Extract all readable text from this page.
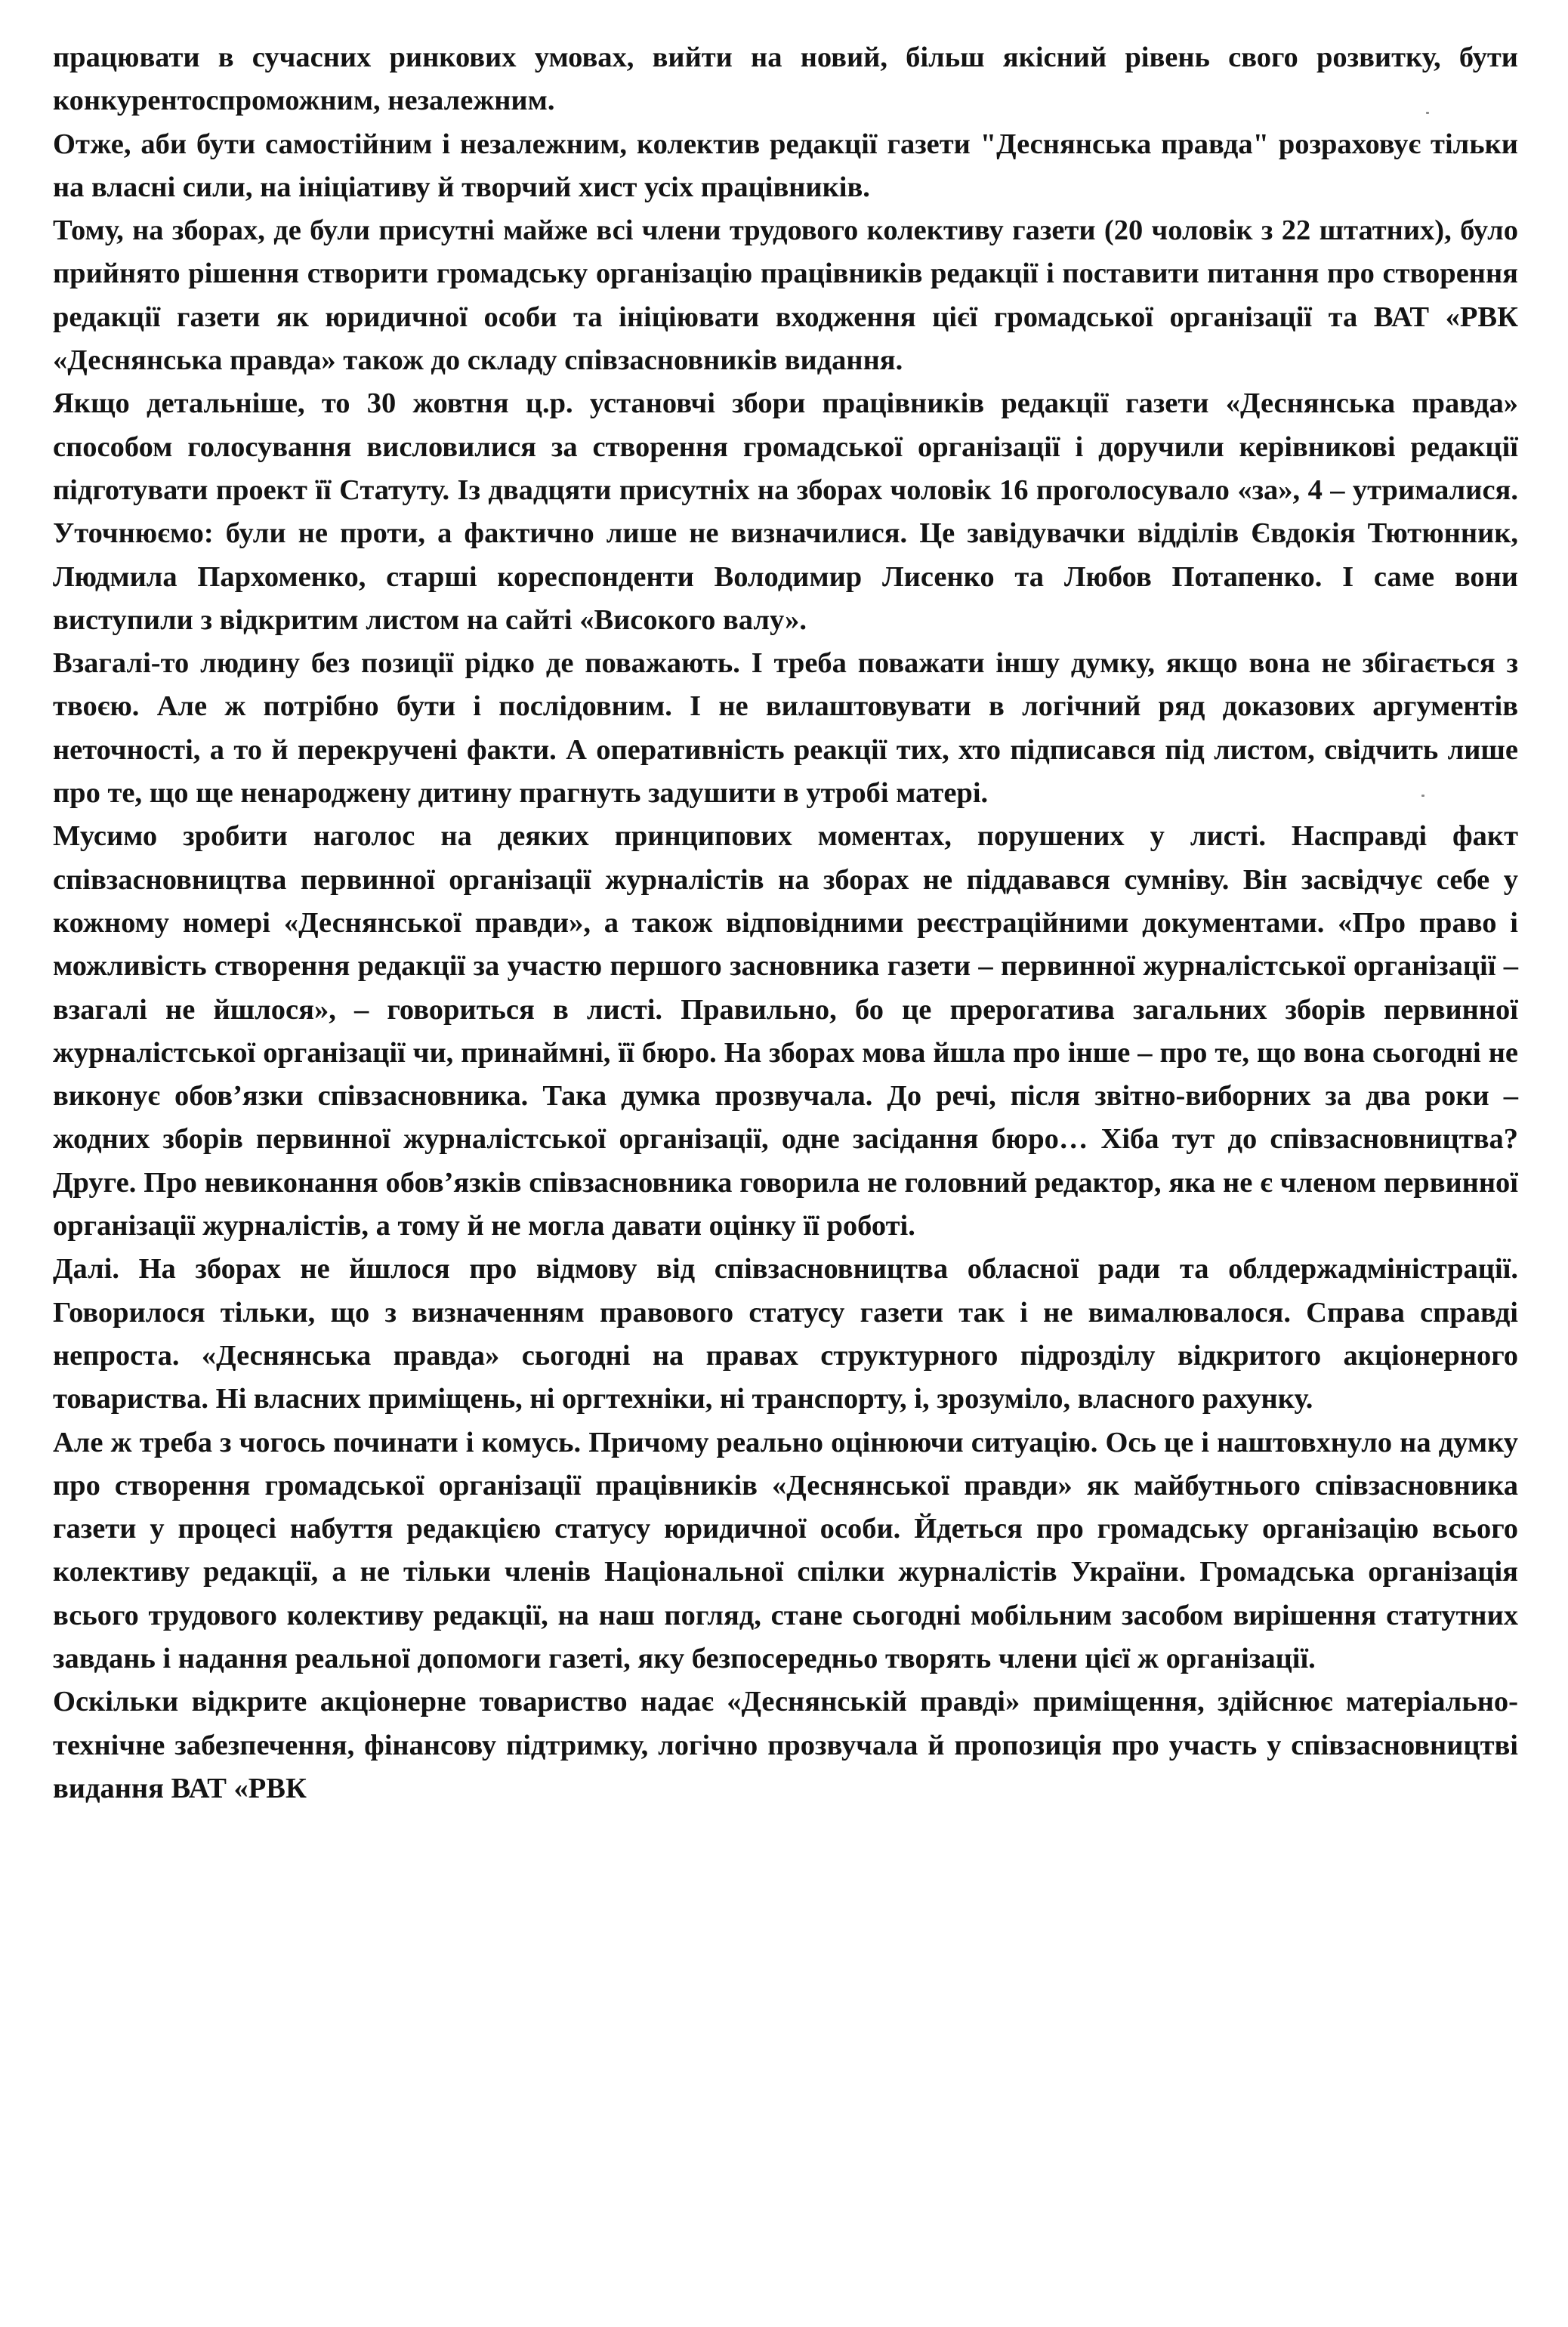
працювати в сучасних ринкових умовах, вийти на новий, більш якісний рівень свого розвитку, бути конкурентоспроможним, незалежним.

Отже, аби бути самостійним і незалежним, колектив редакції газети "Деснянська правда" розраховує тільки на власні сили, на ініціативу й творчий хист усіх працівників.

Тому, на зборах, де були присутні майже всі члени трудового колективу газети (20 чоловік з 22 штатних), було прийнято рішення створити громадську організацію працівників редакції і поставити питання про створення редакції газети як юридичної особи та ініціювати входження цієї громадської організації та ВАТ «РВК «Деснянська правда» також до складу співзасновників видання.

Якщо детальніше, то 30 жовтня ц.р. установчі збори працівників редакції газети «Деснянська правда» способом голосування висловилися за створення громадської організації і доручили керівникові редакції підготувати проект її Статуту. Із двадцяти присутніх на зборах чоловік 16 проголосувало «за», 4 – утрималися. Уточнюємо: були не проти, а фактично лише не визначилися. Це завідувачки відділів Євдокія Тютюнник, Людмила Пархоменко, старші кореспонденти Володимир Лисенко та Любов Потапенко. І саме вони виступили з відкритим листом на сайті «Високого валу».

Взагалі-то людину без позиції рідко де поважають. І треба поважати іншу думку, якщо вона не збігається з твоєю. Але ж потрібно бути і послідовним. І не вилаштовувати в логічний ряд доказових аргументів неточності, а то й перекручені факти. А оперативність реакції тих, хто підписався під листом, свідчить лише про те, що ще ненароджену дитину прагнуть задушити в утробі матері.

Мусимо зробити наголос на деяких принципових моментах, порушених у листі. Насправді факт співзасновництва первинної організації журналістів на зборах не піддавався сумніву. Він засвідчує себе у кожному номері «Деснянської правди», а також відповідними реєстраційними документами. «Про право і можливість створення редакції за участю першого засновника газети – первинної журналістської організації – взагалі не йшлося», – говориться в листі. Правильно, бо це прерогатива загальних зборів первинної журналістської організації чи, принаймні, її бюро. На зборах мова йшла про інше – про те, що вона сьогодні не виконує обов’язки співзасновника. Така думка прозвучала. До речі, після звітно-виборних за два роки – жодних зборів первинної журналістської організації, одне засідання бюро… Хіба тут до співзасновництва? Друге. Про невиконання обов’язків співзасновника говорила не головний редактор, яка не є членом первинної організації журналістів, а тому й не могла давати оцінку її роботі.

Далі. На зборах не йшлося про відмову від співзасновництва обласної ради та облдержадміністрації. Говорилося тільки, що з визначенням правового статусу газети так і не вималювалося. Справа справді непроста. «Деснянська правда» сьогодні на правах структурного підрозділу відкритого акціонерного товариства. Ні власних приміщень, ні оргтехніки, ні транспорту, і, зрозуміло, власного рахунку.

Але ж треба з чогось починати і комусь. Причому реально оцінюючи ситуацію. Ось це і наштовхнуло на думку про створення громадської організації працівників «Деснянської правди» як майбутнього співзасновника газети у процесі набуття редакцією статусу юридичної особи. Йдеться про громадську організацію всього колективу редакції, а не тільки членів Національної спілки журналістів України. Громадська організація всього трудового колективу редакції, на наш погляд, стане сьогодні мобільним засобом вирішення статутних завдань і надання реальної допомоги газеті, яку безпосередньо творять члени цієї ж організації.

Оскільки відкрите акціонерне товариство надає «Деснянській правді» приміщення, здійснює матеріально-технічне забезпечення, фінансову підтримку, логічно прозвучала й пропозиція про участь у співзасновництві видання ВАТ «РВК
